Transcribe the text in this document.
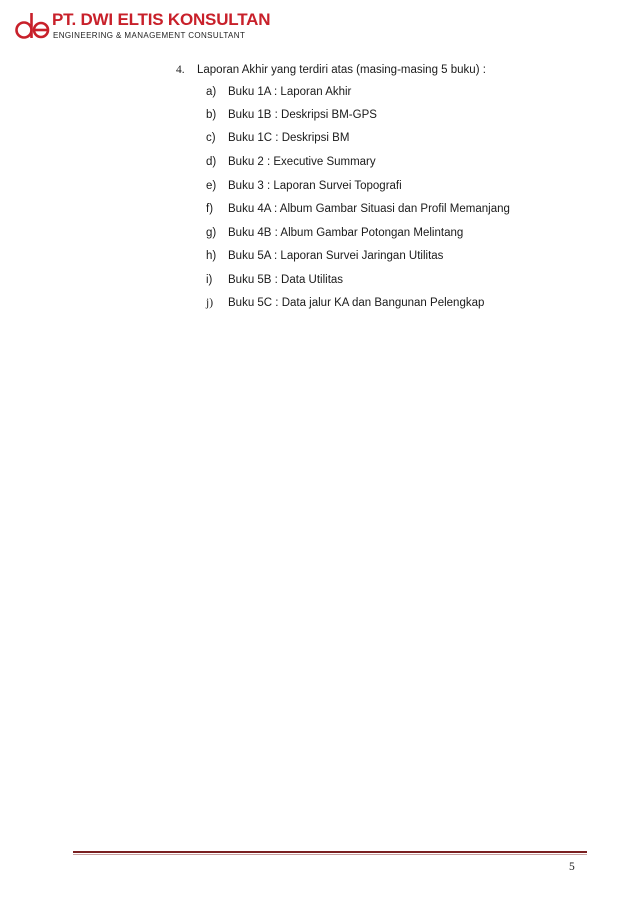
PT. DWI ELTIS KONSULTAN
ENGINEERING & MANAGEMENT CONSULTANT
4. Laporan Akhir yang terdiri atas (masing-masing 5 buku) :
a) Buku 1A : Laporan Akhir
b) Buku 1B : Deskripsi BM-GPS
c) Buku 1C : Deskripsi BM
d) Buku 2 : Executive Summary
e) Buku 3 : Laporan Survei Topografi
f) Buku 4A : Album Gambar Situasi dan Profil Memanjang
g) Buku 4B : Album Gambar Potongan Melintang
h) Buku 5A : Laporan Survei Jaringan Utilitas
i) Buku 5B : Data Utilitas
j) Buku 5C : Data jalur KA dan Bangunan Pelengkap
5
